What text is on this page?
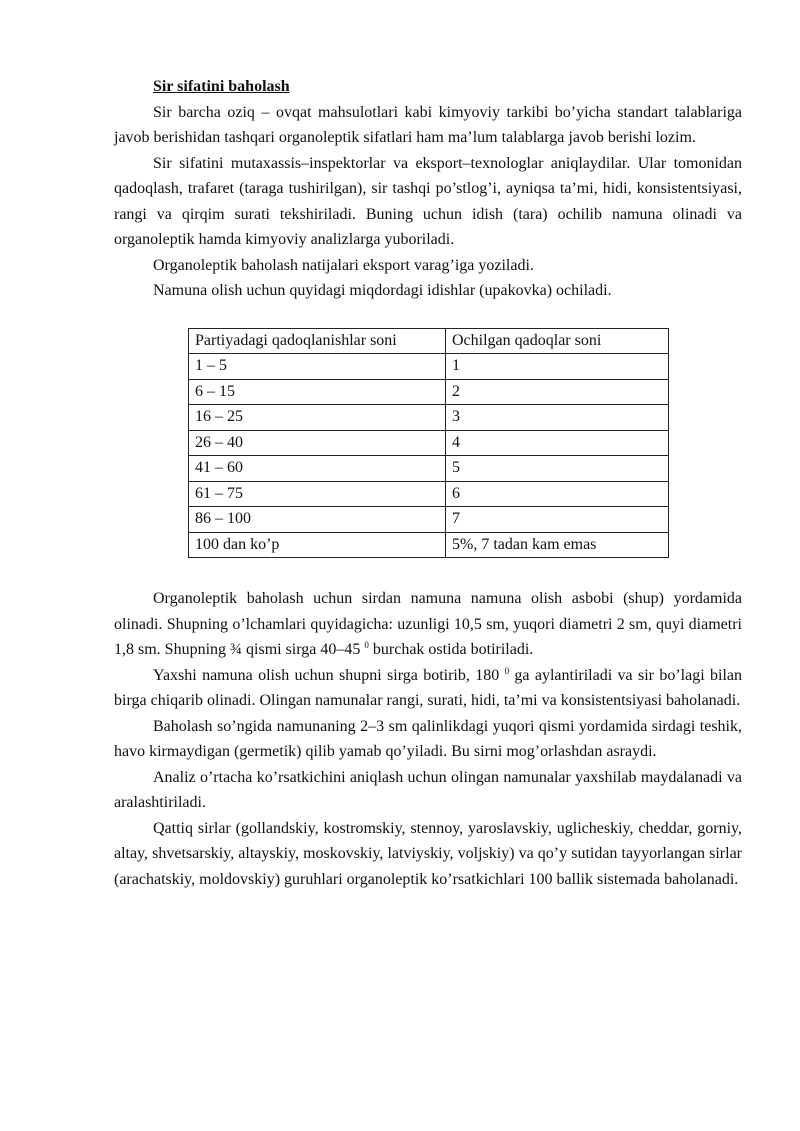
Sir sifatini baholash

Sir barcha oziq – ovqat mahsulotlari kabi kimyoviy tarkibi bo’yicha standart talablariga javob berishidan tashqari organoleptik sifatlari ham ma’lum talablarga javob berishi lozim.

Sir sifatini mutaxassis–inspektorlar va eksport–texnologlar aniqlaydilar. Ular tomonidan qadoqlash, trafaret (taraga tushirilgan), sir tashqi po’stlog’i, ayniqsa ta’mi, hidi, konsistentsiyasi, rangi va qirqim surati tekshiriladi. Buning uchun idish (tara) ochilib namuna olinadi va organoleptik hamda kimyoviy analizlarga yuboriladi.

Organoleptik baholash natijalari eksport varag’iga yoziladi.

Namuna olish uchun quyidagi miqdordagi idishlar (upakovka) ochiladi.

Partiyadagi qadoqlanishlar soni	Ochilgan qadoqlar soni
1 – 5	1
6 – 15	2
16 – 25	3
26 – 40	4
41 – 60	5
61 – 75	6
86 – 100	7
100 dan ko’p	5%, 7 tadan kam emas

Organoleptik baholash uchun sirdan namuna namuna olish asbobi (shup) yordamida olinadi. Shupning o’lchamlari quyidagicha: uzunligi 10,5 sm, yuqori diametri 2 sm, quyi diametri 1,8 sm. Shupning ¾ qismi sirga 40–45 $^0$ burchak ostida botiriladi.

Yaxshi namuna olish uchun shupni sirga botirib, 180 $^0$ ga aylantiriladi va sir bo’lagi bilan birga chiqarib olinadi. Olingan namunalar rangi, surati, hidi, ta’mi va konsistentsiyasi baholanadi.

Baholash so’ngida namunaning 2–3 sm qalinlikdagi yuqori qismi yordamida sirdagi teshik, havo kirmaydigan (germetik) qilib yamab qo’yiladi. Bu sirni mog’orlashdan asraydi.

Analiz o’rtacha ko’rsatkichini aniqlash uchun olingan namunalar yaxshilab maydalanadi va aralashtiriladi.

Qattiq sirlar (gollandskiy, kostromskiy, stennoy, yaroslavskiy, uglicheskiy, cheddar, gorniy, altay, shvetsarskiy, altayskiy, moskovskiy, latviyskiy, voljskiy) va qo’y sutidan tayyorlangan sirlar (arachatskiy, moldovskiy) guruhlari organoleptik ko’rsatkichlari 100 ballik sistemada baholanadi.
